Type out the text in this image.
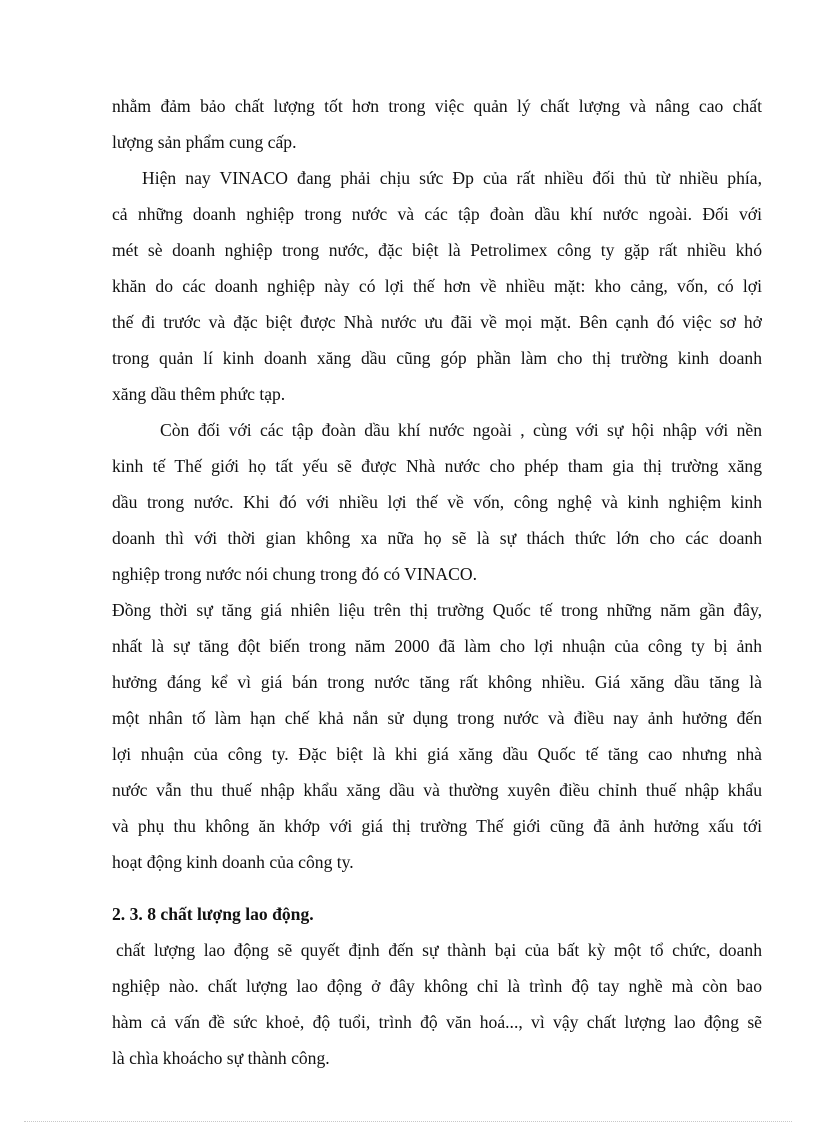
nhằm đảm bảo chất lượng tốt hơn trong việc quản lý chất lượng và nâng cao chất
lượng sản phẩm cung cấp.
Hiện nay VINACO đang phải chịu sức Ðp của rất nhiều đối thủ từ nhiều phía,
cả những doanh nghiệp trong nước và các tập đoàn dầu khí nước ngoài. Đối với
mét sè doanh nghiệp trong nước, đặc biệt là Petrolimex công ty gặp rất nhiều khó
khăn do các doanh nghiệp này có lợi thế hơn về nhiều mặt: kho cảng, vốn, có lợi
thế đi trước và đặc biệt được Nhà nước ưu đãi về mọi mặt. Bên cạnh đó việc sơ hở
trong quản lí kinh doanh xăng dầu cũng góp phần làm cho thị trường kinh doanh
xăng dầu thêm phức tạp.
Còn đối với các tập đoàn dầu khí nước ngoài , cùng với sự hội nhập với nền
kinh tế Thế giới họ tất yếu sẽ được Nhà nước cho phép tham gia thị trường xăng
dầu trong nước. Khi đó với nhiều lợi thế về vốn, công nghệ và kinh nghiệm kinh
doanh thì với thời gian không xa nữa họ sẽ là sự thách thức lớn cho các doanh
nghiệp trong nước nói chung trong đó có VINACO.
Đồng thời sự tăng giá nhiên liệu trên thị trường Quốc tế trong những năm gần đây,
nhất là sự tăng đột biến trong năm 2000 đã làm cho lợi nhuận của công ty bị ảnh
hưởng đáng kể vì giá bán trong nước tăng rất không nhiều. Giá xăng dầu tăng là
một nhân tố làm hạn chế khả nắn sử dụng trong nước và điều nay ảnh hưởng đến
lợi nhuận của công ty. Đặc biệt là khi giá xăng dầu Quốc tế tăng cao nhưng nhà
nước vẫn thu thuế nhập khẩu xăng dầu và thường xuyên điều chỉnh thuế nhập khẩu
và phụ thu không ăn khớp với giá thị trường Thế giới cũng đã ảnh hưởng xấu tới
hoạt động kinh doanh của công ty.
2. 3. 8 chất lượng lao động.
chất lượng lao động sẽ quyết định đến sự thành bại của bất kỳ một tổ chức, doanh
nghiệp nào. chất lượng lao động ở đây không chỉ là trình độ tay nghề mà còn bao
hàm cả vấn đề sức khoẻ, độ tuổi, trình độ văn hoá..., vì vậy chất lượng lao động sẽ
là chìa khoácho sự thành công.
